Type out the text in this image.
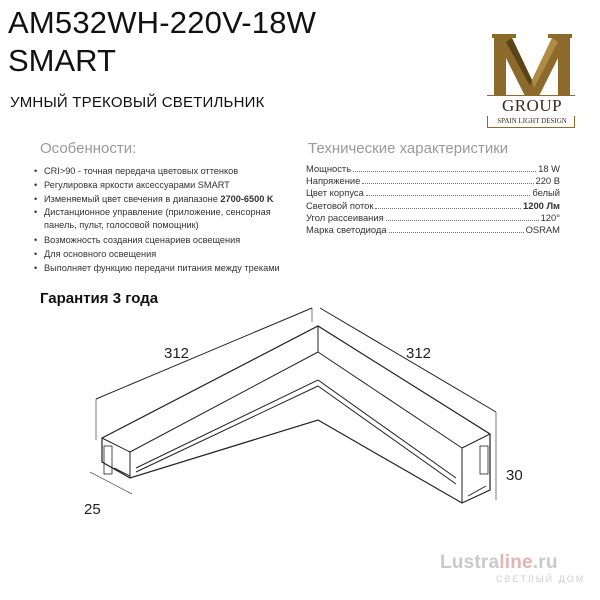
AM532WH-220V-18W
SMART
УМНЫЙ ТРЕКОВЫЙ СВЕТИЛЬНИК	GROUP
SPAIN LIGHT DESIGN
Особенности:	Технические характеристики
• CRI>90 - точная передача цветовых оттенков
• Регулировка яркости аксессуарами SMART
• Изменяемый цвет свечения в диапазоне 2700-6500 K
• Дистанционное управление (приложение, сенсорная
панель, пульт, голосовой помощник)
• Возможность создания сценариев освещения
• Для основного освещения
• Выполняет функцию передачи питания между треками
Мощность	18 W
Напряжение	220 В
Цвет корпуса	белый
Световой поток	1200 Лм
Угол рассеивания	120°
Марка светодиода	OSRAM
Гарантия 3 года
312	312
30
25
Lustraline.ru
СВЕТЛЫЙ ДОМ
